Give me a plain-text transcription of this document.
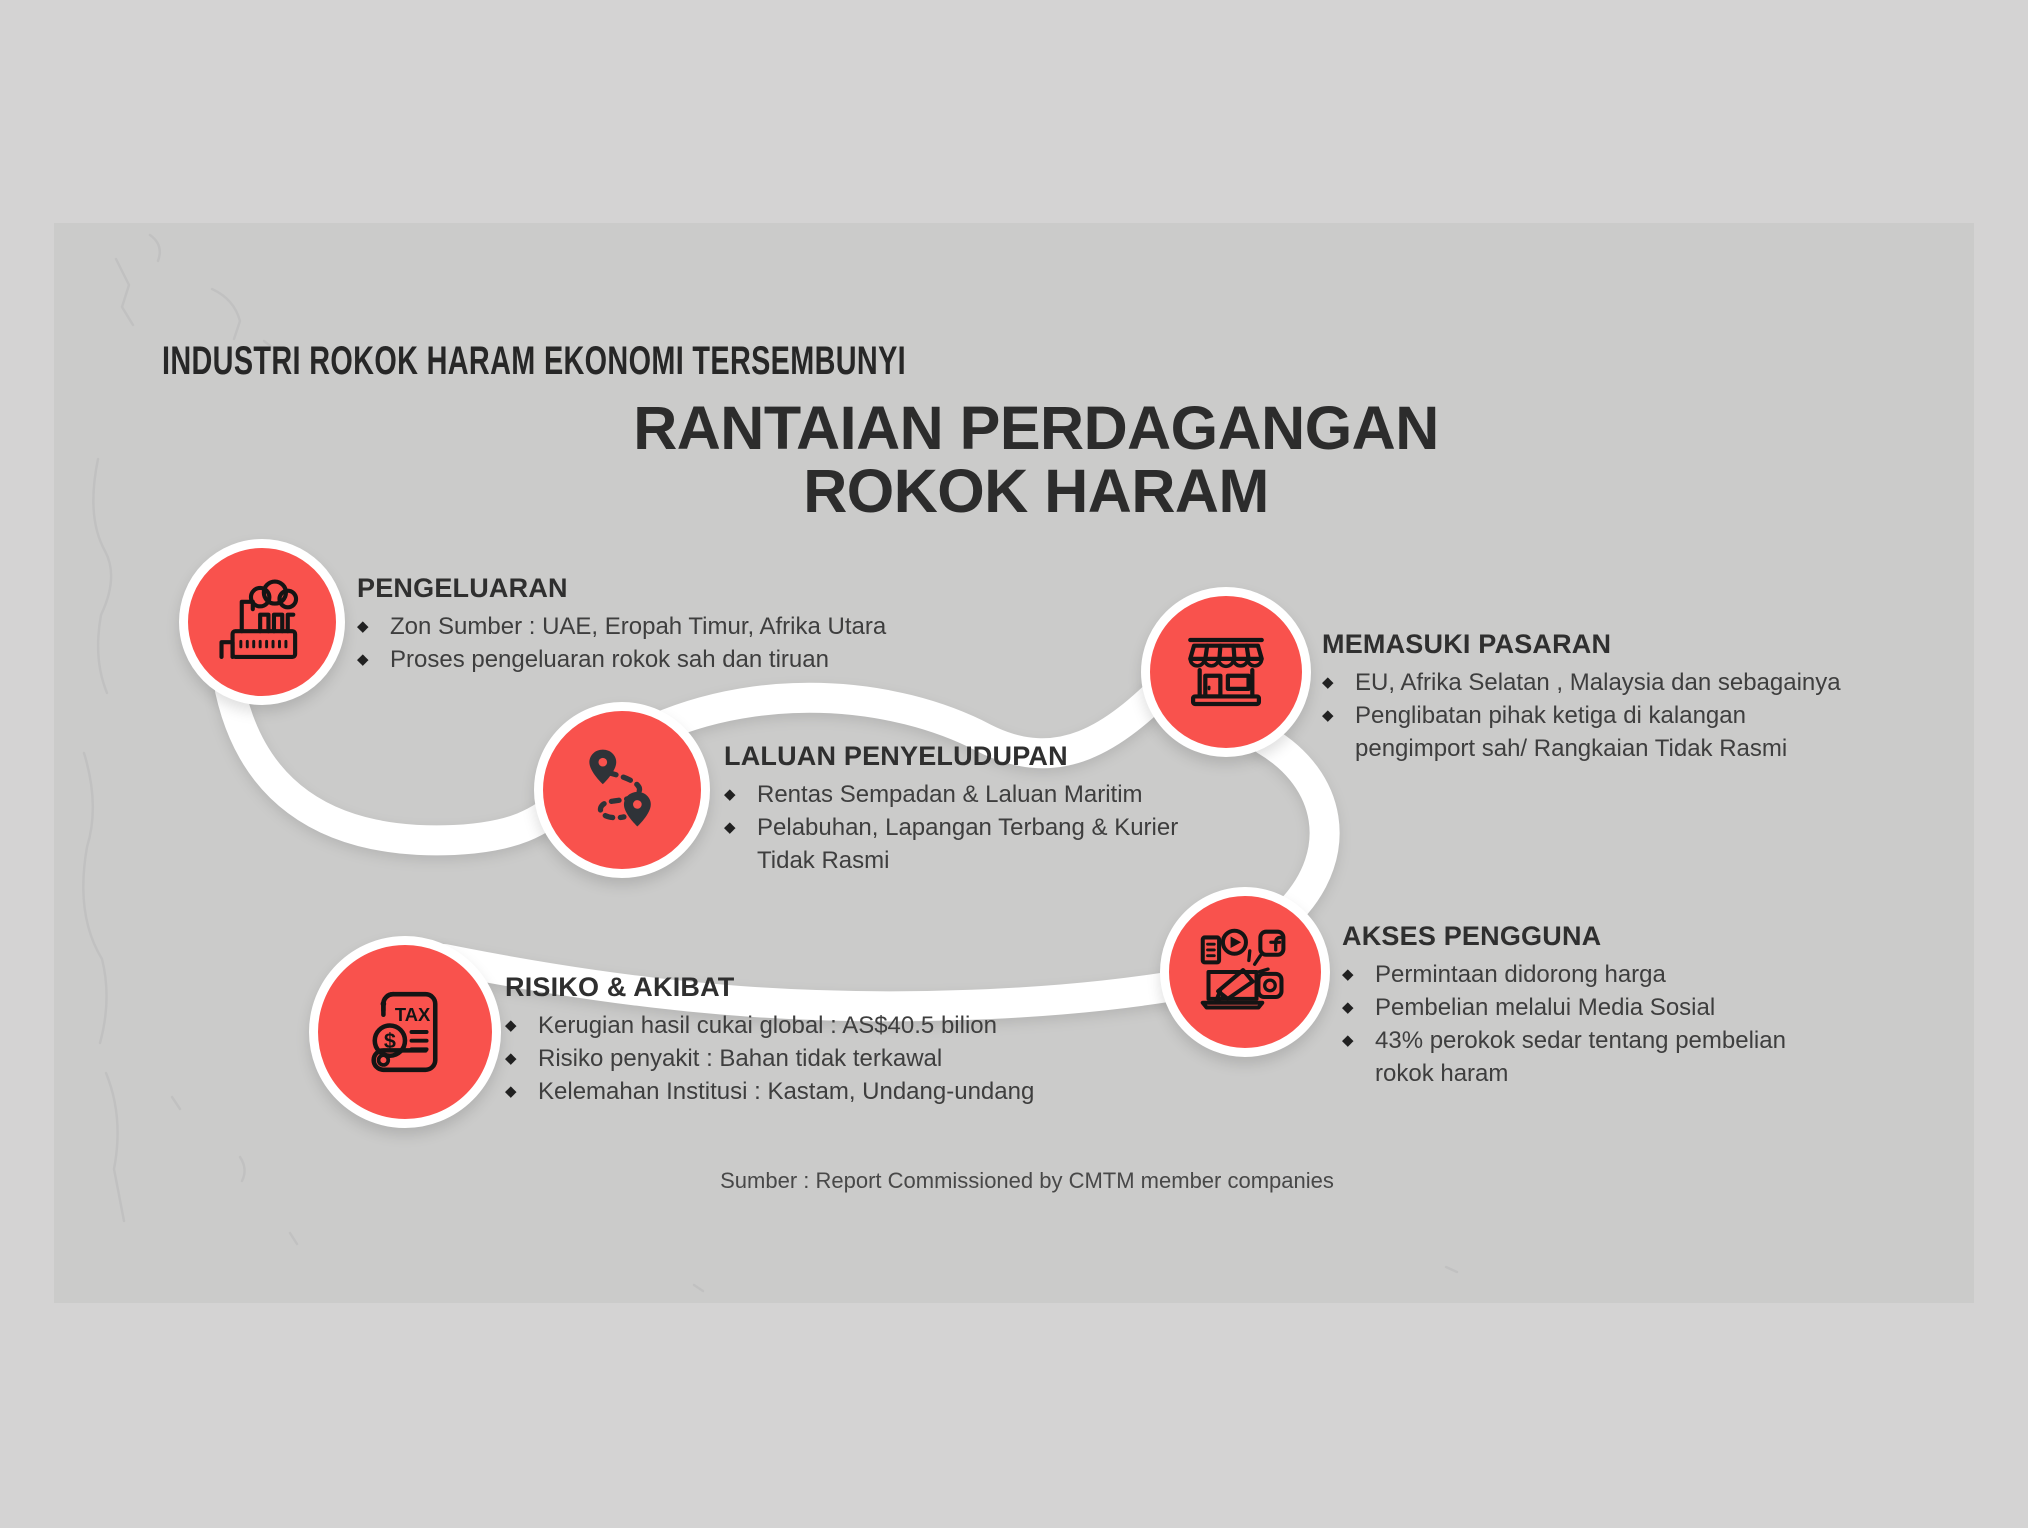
INDUSTRI ROKOK HARAM EKONOMI TERSEMBUNYI
RANTAIAN PERDAGANGAN
ROKOK HARAM
TAX
$
PENGELUARAN
◆ Zon Sumber : UAE, Eropah Timur, Afrika Utara
◆ Proses pengeluaran rokok sah dan tiruan
LALUAN PENYELUDUPAN
◆ Rentas Sempadan & Laluan Maritim
◆ Pelabuhan, Lapangan Terbang & Kurier
Tidak Rasmi
MEMASUKI PASARAN
◆ EU, Afrika Selatan , Malaysia dan sebagainya
◆ Penglibatan pihak ketiga di kalangan
pengimport sah/ Rangkaian Tidak Rasmi
AKSES PENGGUNA
◆ Permintaan didorong harga
◆ Pembelian melalui Media Sosial
◆ 43% perokok sedar tentang pembelian
rokok haram
RISIKO & AKIBAT
◆ Kerugian hasil cukai global : AS$40.5 bilion
◆ Risiko penyakit : Bahan tidak terkawal
◆ Kelemahan Institusi : Kastam, Undang-undang
Sumber : Report Commissioned by CMTM member companies
